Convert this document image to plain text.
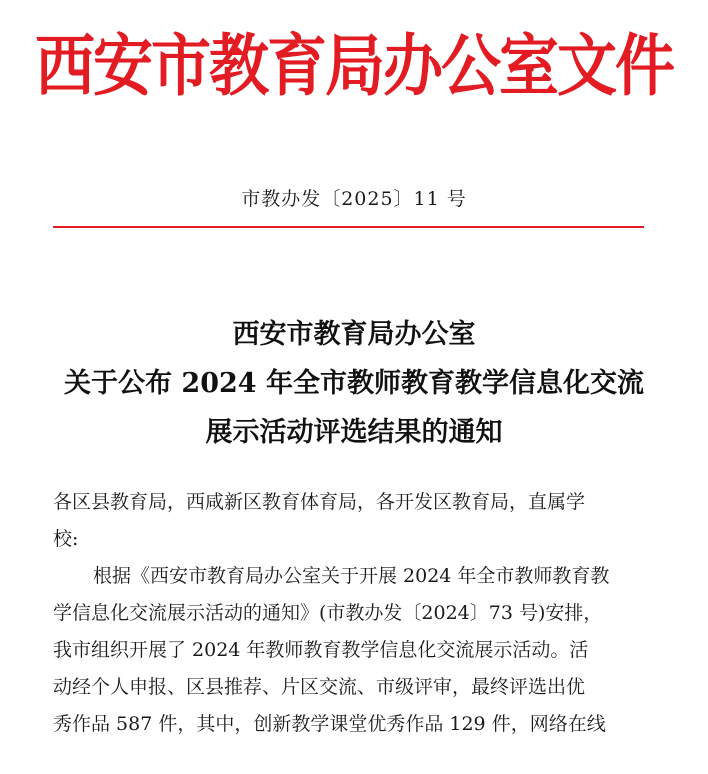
西安市教育局办公室文件
市教办发〔2025〕11 号
西安市教育局办公室
关于公布 2024 年全市教师教育教学信息化交流
展示活动评选结果的通知
各区县教育局，西咸新区教育体育局，各开发区教育局，直属学
校:
根据《西安市教育局办公室关于开展 2024 年全市教师教育教
学信息化交流展示活动的通知》(市教办发〔2024〕73 号)安排，
我市组织开展了 2024 年教师教育教学信息化交流展示活动。活
动经个人申报、区县推荐、片区交流、市级评审，最终评选出优
秀作品 587 件，其中，创新教学课堂优秀作品 129 件，网络在线
